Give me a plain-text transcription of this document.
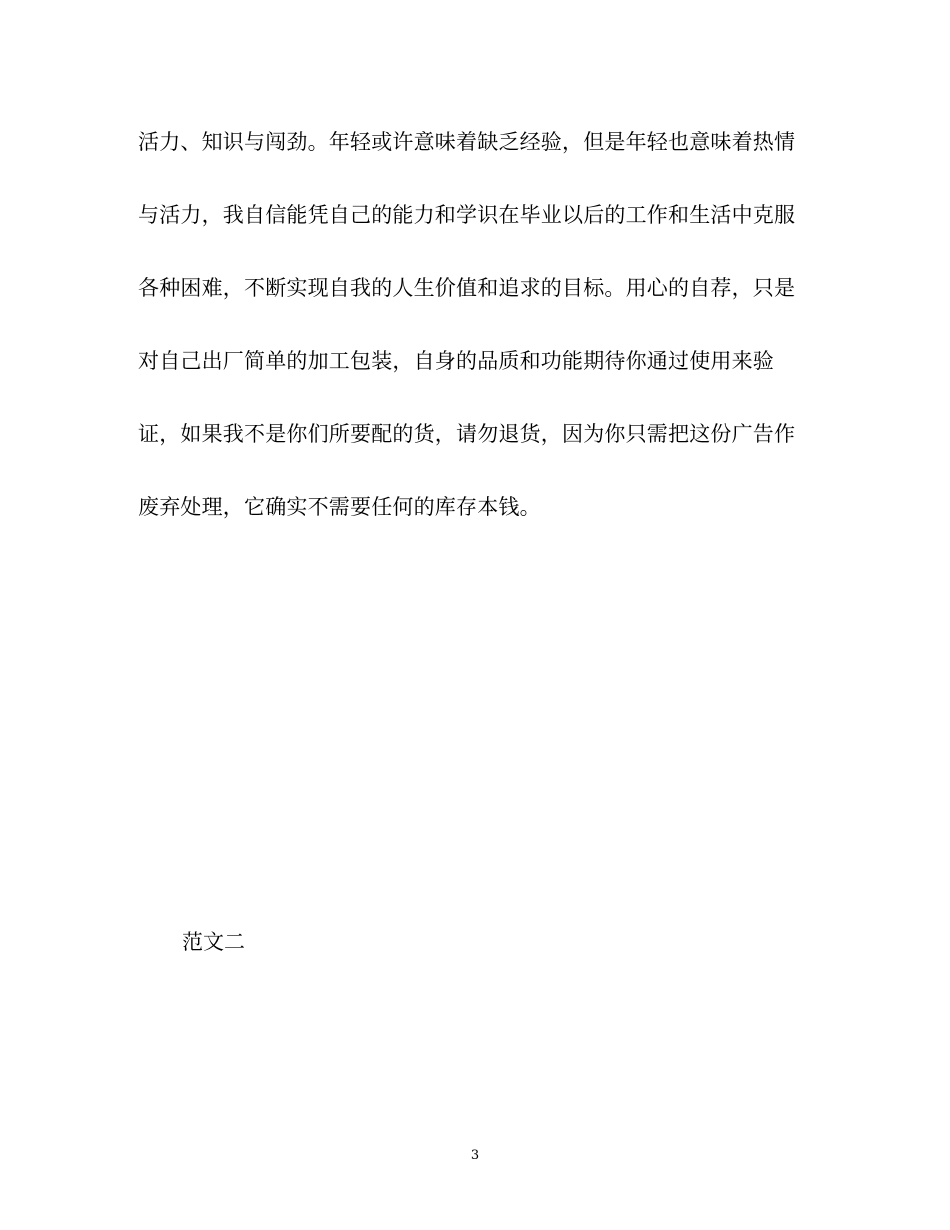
活力、知识与闯劲。年轻或许意味着缺乏经验，但是年轻也意味着热情
与活力，我自信能凭自己的能力和学识在毕业以后的工作和生活中克服
各种困难，不断实现自我的人生价值和追求的目标。用心的自荐，只是
对自己出厂简单的加工包装，自身的品质和功能期待你通过使用来验
证，如果我不是你们所要配的货，请勿退货，因为你只需把这份广告作
废弃处理，它确实不需要任何的库存本钱。
范文二
3
